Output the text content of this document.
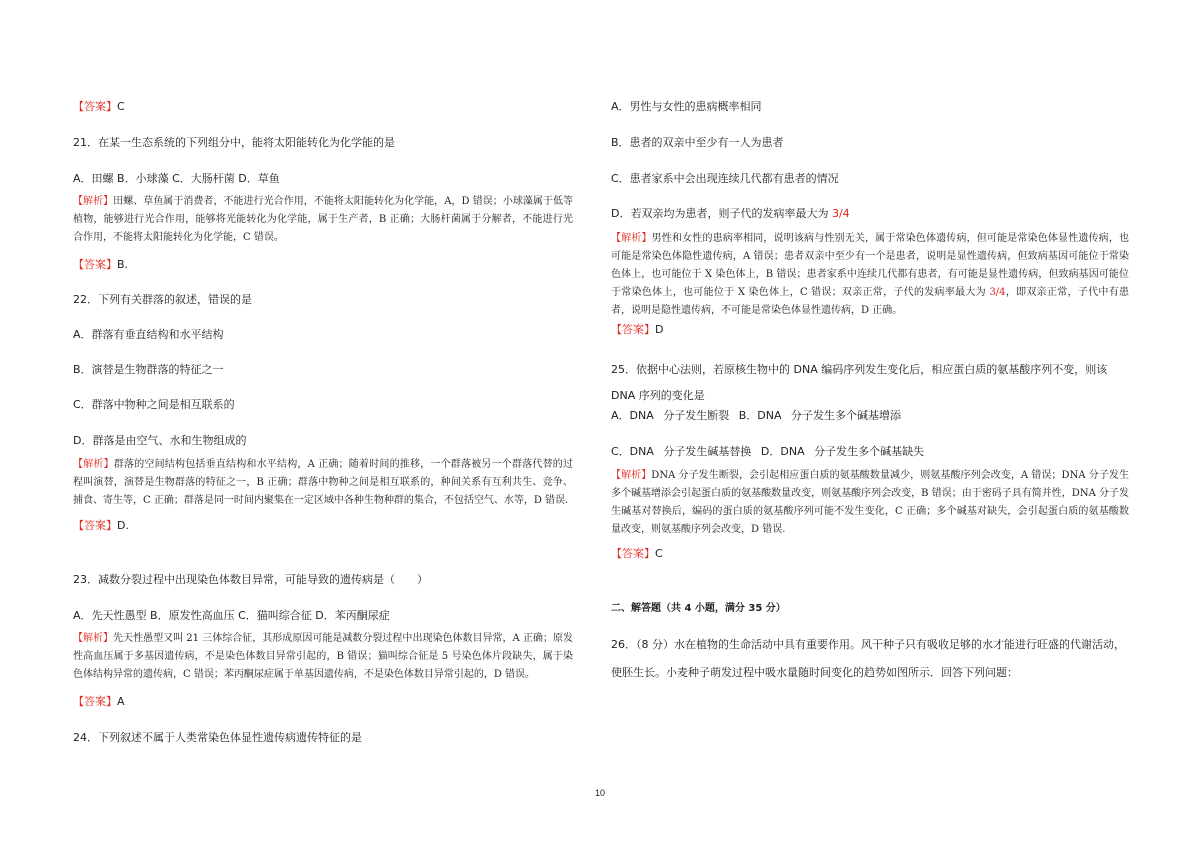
【答案】C
21．在某一生态系统的下列组分中，能将太阳能转化为化学能的是
A．田螺 B．小球藻 C．大肠杆菌 D．草鱼
【解析】田螺、草鱼属于消费者，不能进行光合作用，不能将太阳能转化为化学能，A，D 错误；小球藻属于低等植物，能够进行光合作用，能够将光能转化为化学能，属于生产者，B 正确；大肠杆菌属于分解者，不能进行光合作用，不能将太阳能转化为化学能，C 错误。
【答案】B.
22．下列有关群落的叙述，错误的是
A．群落有垂直结构和水平结构
B．演替是生物群落的特征之一
C．群落中物种之间是相互联系的
D．群落是由空气、水和生物组成的
【解析】群落的空间结构包括垂直结构和水平结构，A 正确；随着时间的推移，一个群落被另一个群落代替的过程叫演替，演替是生物群落的特征之一，B 正确；群落中物种之间是相互联系的，种间关系有互利共生、竞争、捕食、寄生等，C 正确；群落是同一时间内聚集在一定区域中各种生物种群的集合，不包括空气、水等，D 错误.
【答案】D.
23．减数分裂过程中出现染色体数目异常，可能导致的遗传病是（　　）
A．先天性愚型 B．原发性高血压 C．猫叫综合征 D．苯丙酮尿症
【解析】先天性愚型又叫 21 三体综合征，其形成原因可能是减数分裂过程中出现染色体数目异常，A 正确；原发性高血压属于多基因遗传病，不是染色体数目异常引起的，B 错误；猫叫综合征是 5 号染色体片段缺失，属于染色体结构异常的遗传病，C 错误；苯丙酮尿症属于单基因遗传病，不是染色体数目异常引起的，D 错误。
【答案】A
24．下列叙述不属于人类常染色体显性遗传病遗传特征的是
A．男性与女性的患病概率相同
B．患者的双亲中至少有一人为患者
C．患者家系中会出现连续几代都有患者的情况
D．若双亲均为患者，则子代的发病率最大为 3/4
【解析】男性和女性的患病率相同，说明该病与性别无关，属于常染色体遗传病，但可能是常染色体显性遗传病，也可能是常染色体隐性遗传病，A 错误；患者双亲中至少有一个是患者，说明是显性遗传病，但致病基因可能位于常染色体上，也可能位于 X 染色体上，B 错误；患者家系中连续几代都有患者，有可能是显性遗传病，但致病基因可能位于常染色体上，也可能位于 X 染色体上，C 错误；双亲正常，子代的发病率最大为 3/4，即双亲正常，子代中有患者，说明是隐性遗传病，不可能是常染色体显性遗传病，D 正确。
【答案】D
25．依据中心法则，若原核生物中的 DNA 编码序列发生变化后，相应蛋白质的氨基酸序列不变，则该 DNA 序列的变化是
A．DNA 分子发生断裂 B．DNA 分子发生多个碱基增添
C．DNA 分子发生碱基替换 D．DNA 分子发生多个碱基缺失
【解析】DNA 分子发生断裂，会引起相应蛋白质的氨基酸数量减少，则氨基酸序列会改变，A 错误；DNA 分子发生多个碱基增添会引起蛋白质的氨基酸数量改变，则氨基酸序列会改变，B 错误；由于密码子具有简并性，DNA 分子发生碱基对替换后，编码的蛋白质的氨基酸序列可能不发生变化，C 正确；多个碱基对缺失，会引起蛋白质的氨基酸数量改变，则氨基酸序列会改变，D 错误.
【答案】C
二、解答题（共 4 小题，满分 35 分）
26．（8 分）水在植物的生命活动中具有重要作用。风干种子只有吸收足够的水才能进行旺盛的代谢活动，使胚生长。小麦种子萌发过程中吸水量随时间变化的趋势如图所示．回答下列问题：
10
